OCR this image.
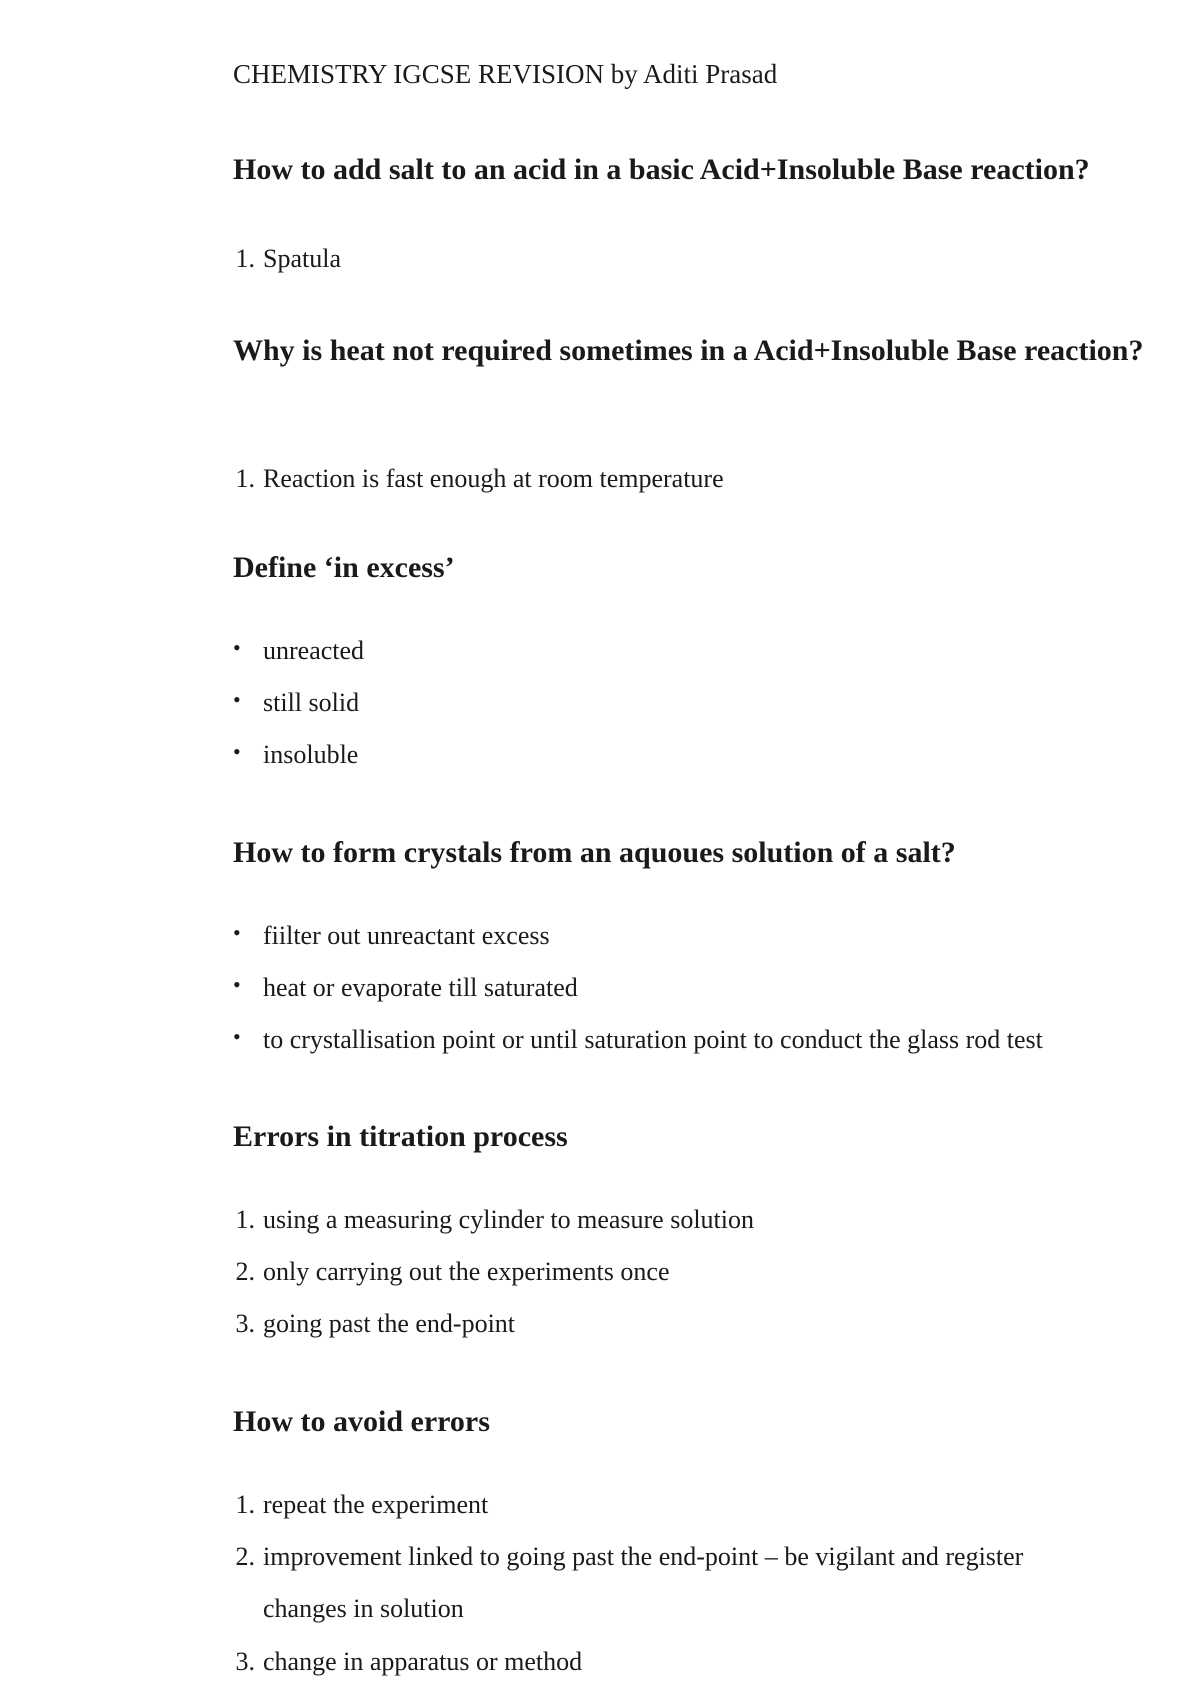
CHEMISTRY IGCSE REVISION by Aditi Prasad
How to add salt to an acid in a basic Acid+Insoluble Base reaction?
1. Spatula
Why is heat not required sometimes in a Acid+Insoluble Base reaction?
1. Reaction is fast enough at room temperature
Define ‘in excess’
• unreacted
• still solid
• insoluble
How to form crystals from an aquoues solution of a salt?
• fiilter out unreactant excess
• heat or evaporate till saturated
• to crystallisation point or until saturation point to conduct the glass rod test
Errors in titration process
1. using a measuring cylinder to measure solution
2. only carrying out the experiments once
3. going past the end-point
How to avoid errors
1. repeat the experiment
2. improvement linked to going past the end-point – be vigilant and register
changes in solution
3. change in apparatus or method
